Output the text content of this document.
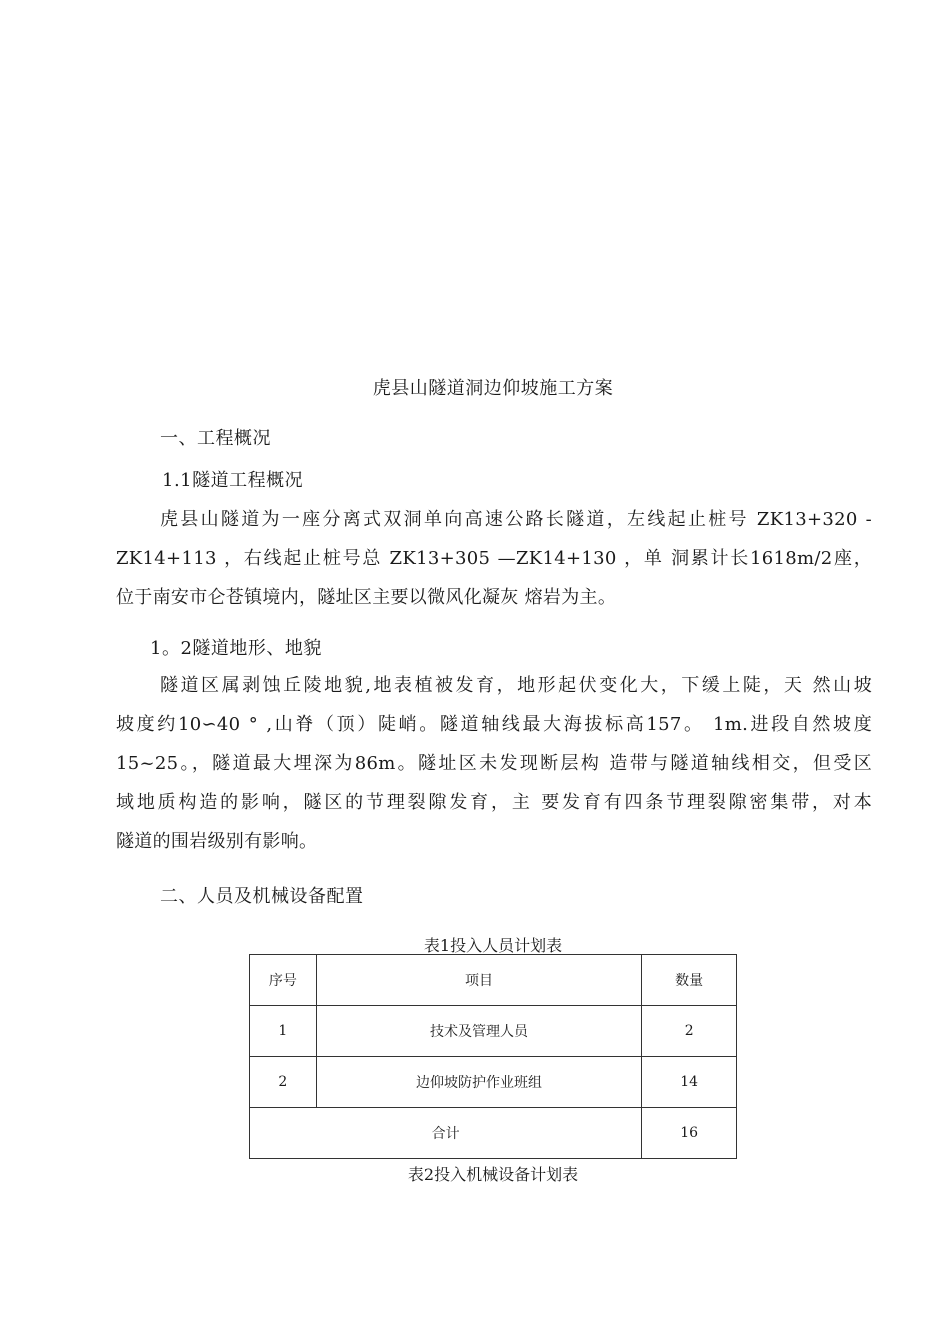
虎县山隧道洞边仰坡施工方案
一、工程概况
1.1隧道工程概况
虎县山隧道为一座分离式双洞单向高速公路长隧道，左线起止桩号 ZK13+320 -
ZK14+113 ，右线起止桩号总 ZK13+305 —ZK14+130 ，单 洞累计长1618m/2座，
位于南安市仑苍镇境内，隧址区主要以微风化凝灰 熔岩为主。
1。2隧道地形、地貌
隧道区属剥蚀丘陵地貌,地表植被发育，地形起伏变化大，下缓上陡，天 然山坡
坡度约10∽40 ° ,山脊（顶）陡峭。隧道轴线最大海拔标高157。 1m.进段自然坡度
15~25。，隧道最大埋深为86m。隧址区未发现断层构 造带与隧道轴线相交，但受区
域地质构造的影响，隧区的节理裂隙发育，主 要发育有四条节理裂隙密集带，对本
隧道的围岩级别有影响。
二、人员及机械设备配置
表1投入人员计划表
序号	项目	数量
1	技术及管理人员	2
2	边仰坡防护作业班组	14
合计		16
表2投入机械设备计划表
